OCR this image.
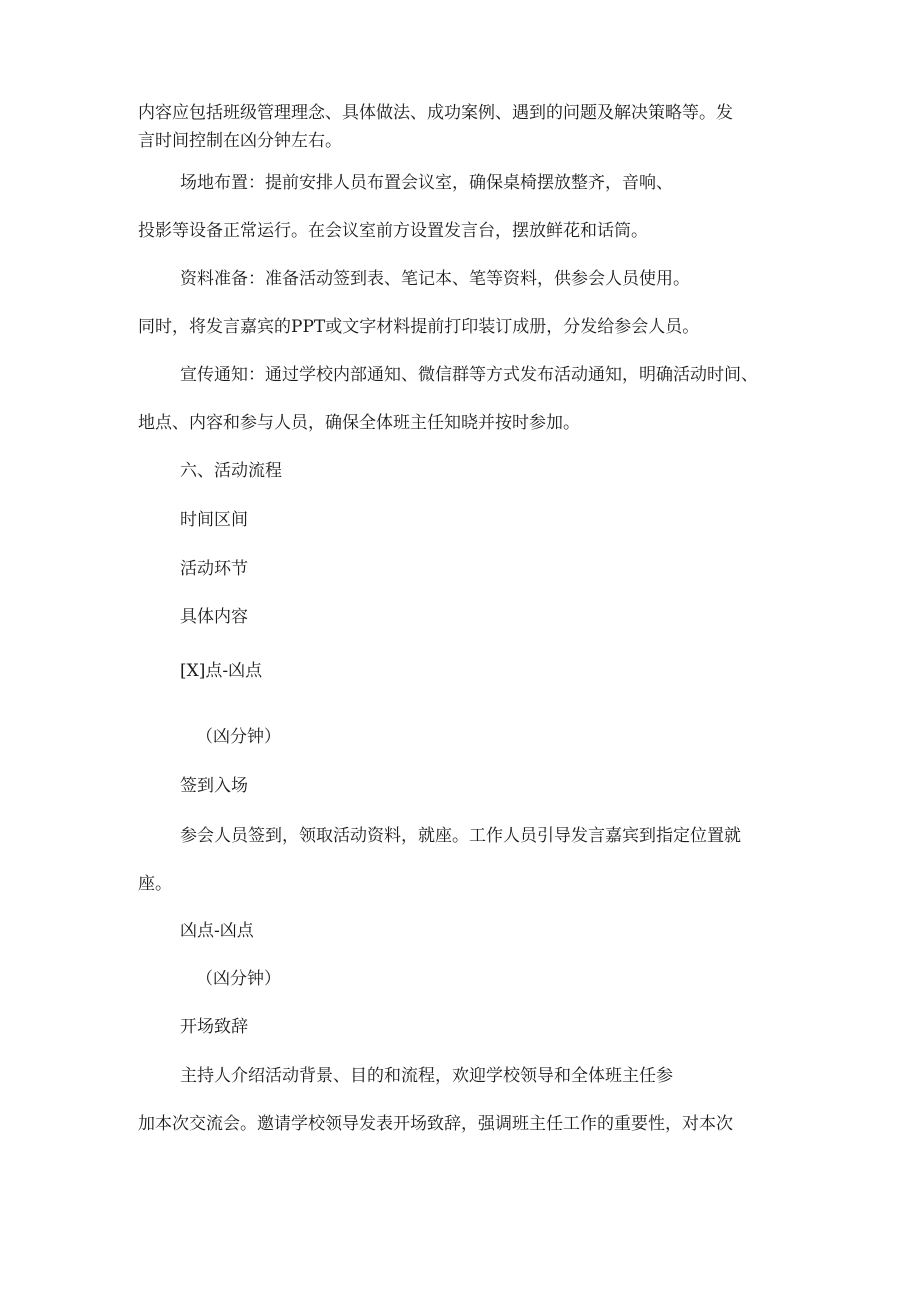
内容应包括班级管理理念、具体做法、成功案例、遇到的问题及解决策略等。发

言时间控制在凶分钟左右。

场地布置：提前安排人员布置会议室，确保桌椅摆放整齐，音响、

投影等设备正常运行。在会议室前方设置发言台，摆放鲜花和话筒。

资料准备：准备活动签到表、笔记本、笔等资料，供参会人员使用。

同时，将发言嘉宾的PPT或文字材料提前打印装订成册，分发给参会人员。

宣传通知：通过学校内部通知、微信群等方式发布活动通知，明确活动时间、

地点、内容和参与人员，确保全体班主任知晓并按时参加。

六、活动流程

时间区间

活动环节

具体内容

[X]点-凶点

（凶分钟）

签到入场

参会人员签到，领取活动资料，就座。工作人员引导发言嘉宾到指定位置就

座。

凶点-凶点

（凶分钟）

开场致辞

主持人介绍活动背景、目的和流程，欢迎学校领导和全体班主任参

加本次交流会。邀请学校领导发表开场致辞，强调班主任工作的重要性，对本次
